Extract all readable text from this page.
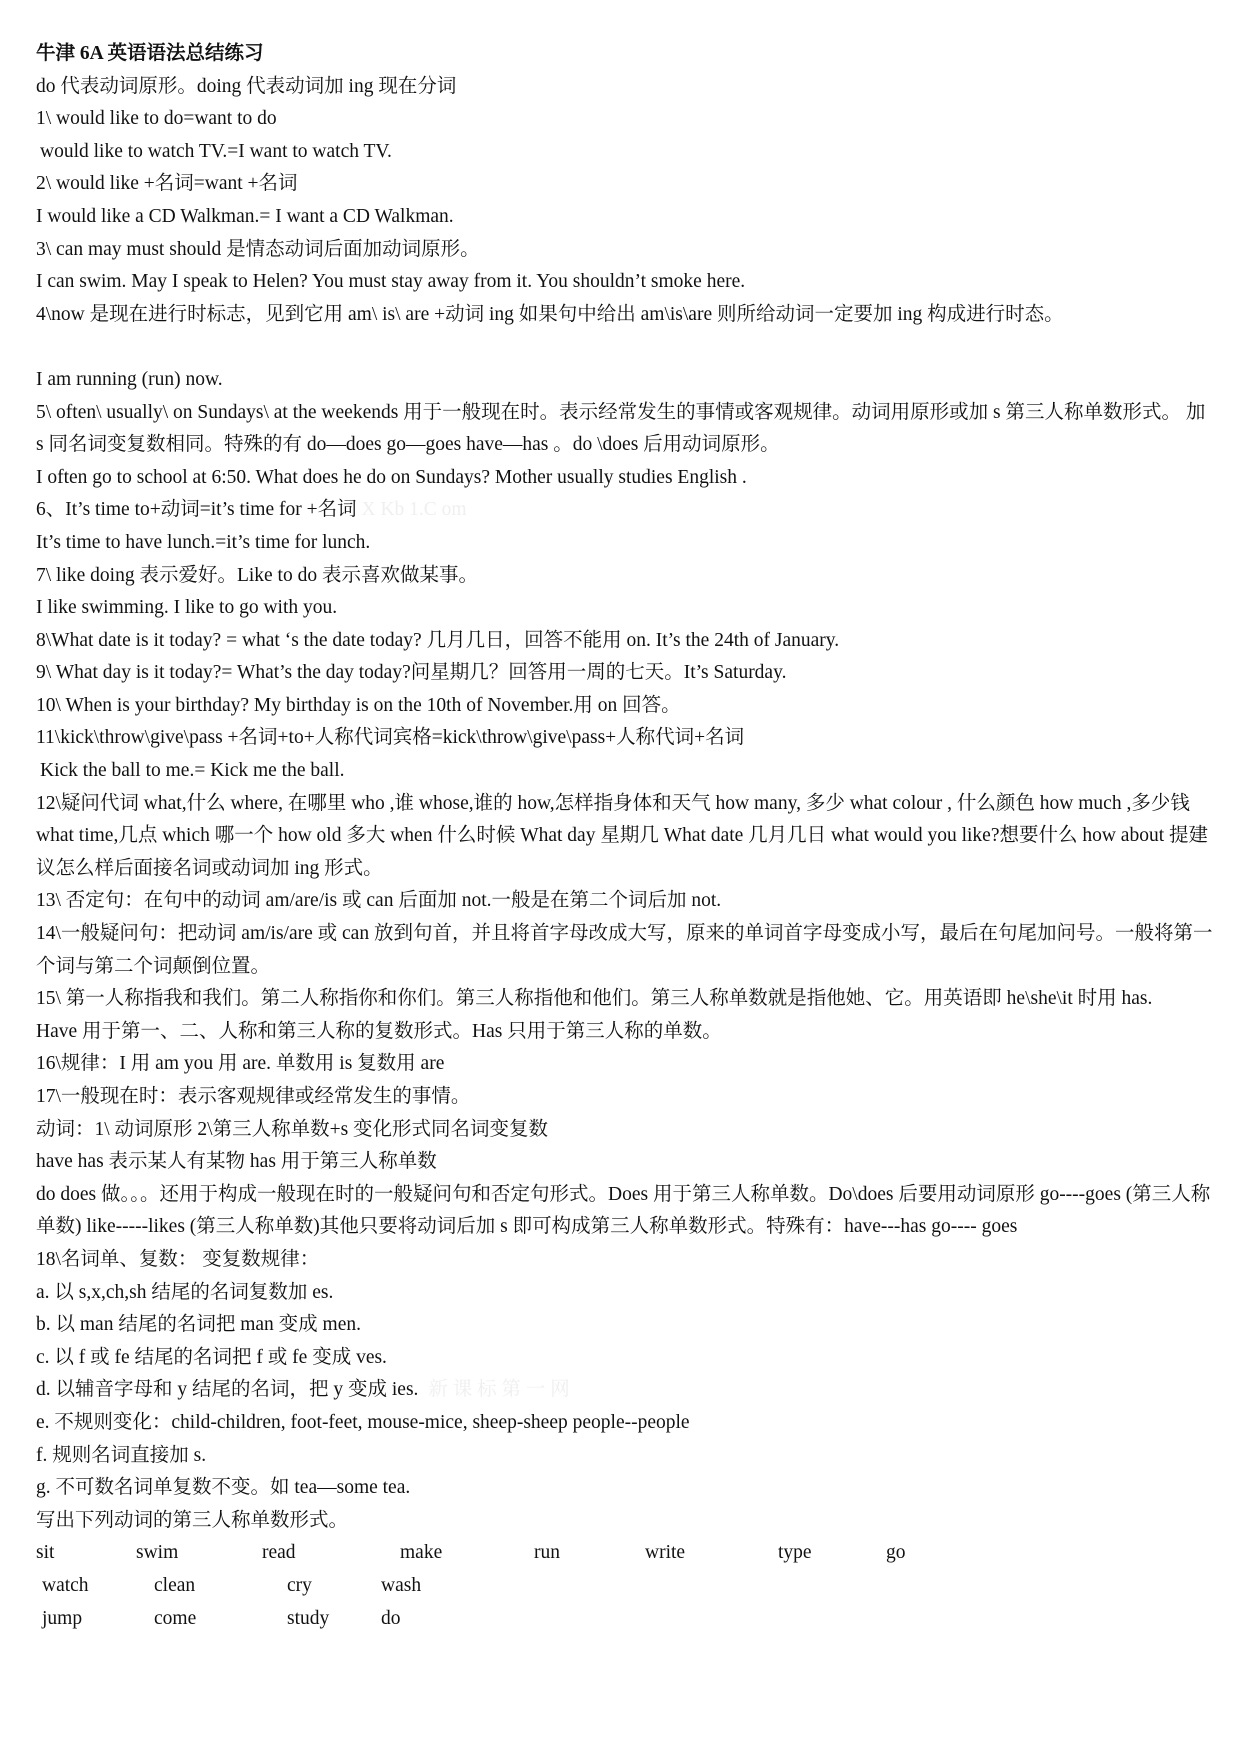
牛津 6A 英语语法总结练习

do 代表动词原形。doing 代表动词加 ing 现在分词

1\ would like to do=want to do

would like to watch TV.=I want to watch TV.

2\ would like +名词=want +名词

I would like a CD Walkman.= I want a CD Walkman.

3\ can may must should 是情态动词后面加动词原形。

I can swim. May I speak to Helen? You must stay away from it. You shouldn’t smoke here.

4\now 是现在进行时标志，见到它用 am\ is\ are +动词 ing 如果句中给出 am\is\are 则所给动词一定要加 ing 构成进行时态。

I am running (run) now.

5\ often\ usually\ on Sundays\ at the weekends 用于一般现在时。表示经常发生的事情或客观规律。动词用原形或加 s 第三人称单数形式。 加 s 同名词变复数相同。特殊的有 do—does go—goes have—has 。do \does 后用动词原形。

I often go to school at 6:50. What does he do on Sundays? Mother usually studies English .

6、It’s time to+动词=it’s time for +名词 X Kb 1.C om

It’s time to have lunch.=it’s time for lunch.

7\ like doing 表示爱好。Like to do 表示喜欢做某事。

I like swimming. I like to go with you.

8\What date is it today? = what ‘s the date today? 几月几日，回答不能用 on. It’s the 24th of January.

9\ What day is it today?= What’s the day today?问星期几？回答用一周的七天。It’s Saturday.

10\ When is your birthday? My birthday is on the 10th of November.用 on 回答。

11\kick\throw\give\pass +名词+to+人称代词宾格=kick\throw\give\pass+人称代词+名词

Kick the ball to me.= Kick me the ball.

12\疑问代词 what,什么 where, 在哪里 who ,谁 whose,谁的 how,怎样指身体和天气 how many, 多少 what colour , 什么颜色 how much ,多少钱 what time,几点 which 哪一个 how old 多大 when 什么时候 What day 星期几 What date 几月几日 what would you like?想要什么 how about 提建议怎么样后面接名词或动词加 ing 形式。

13\ 否定句：在句中的动词 am/are/is 或 can 后面加 not.一般是在第二个词后加 not.

14\一般疑问句：把动词 am/is/are 或 can 放到句首，并且将首字母改成大写，原来的单词首字母变成小写，最后在句尾加问号。一般将第一个词与第二个词颠倒位置。

15\ 第一人称指我和我们。第二人称指你和你们。第三人称指他和他们。第三人称单数就是指他她、它。用英语即 he\she\it 时用 has.

Have 用于第一、二、人称和第三人称的复数形式。Has 只用于第三人称的单数。

16\规律：I 用 am you 用 are. 单数用 is 复数用 are

17\一般现在时：表示客观规律或经常发生的事情。

动词：1\ 动词原形 2\第三人称单数+s 变化形式同名词变复数

have has 表示某人有某物 has 用于第三人称单数

do does 做。。。还用于构成一般现在时的一般疑问句和否定句形式。Does 用于第三人称单数。Do\does 后要用动词原形 go----goes (第三人称单数) like-----likes (第三人称单数)其他只要将动词后加 s 即可构成第三人称单数形式。特殊有：have---has go---- goes

18\名词单、复数： 变复数规律：

a. 以 s,x,ch,sh 结尾的名词复数加 es.

b. 以 man 结尾的名词把 man 变成 men.

c. 以 f 或 fe 结尾的名词把 f 或 fe 变成 ves.

d. 以辅音字母和 y 结尾的名词，把 y 变成 ies. 新 课 标 第 一 网

e. 不规则变化：child-children, foot-feet, mouse-mice, sheep-sheep people--people

f. 规则名词直接加 s.

g. 不可数名词单复数不变。如 tea—some tea.

写出下列动词的第三人称单数形式。

sit	swim	read	make	run	write	type	go
watch	clean	cry	wash
jump	come	study	do
